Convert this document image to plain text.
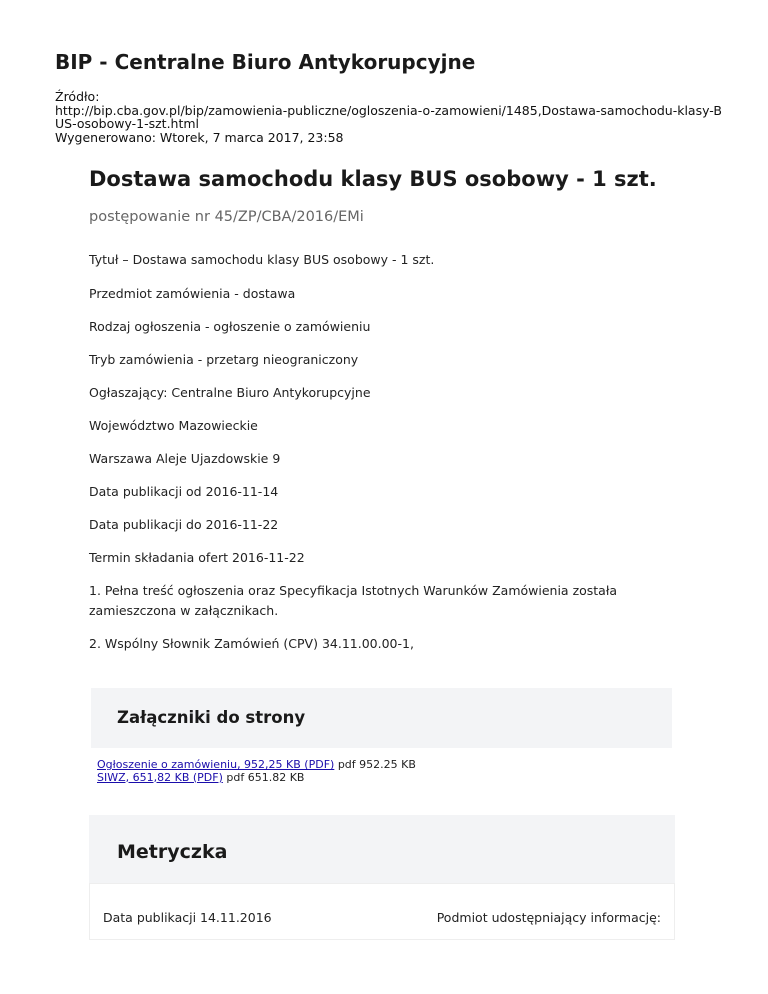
BIP - Centralne Biuro Antykorupcyjne
Źródło:
http://bip.cba.gov.pl/bip/zamowienia-publiczne/ogloszenia-o-zamowieni/1485,Dostawa-samochodu-klasy-BUS-osobowy-1-szt.html
Wygenerowano: Wtorek, 7 marca 2017, 23:58
Dostawa samochodu klasy BUS osobowy - 1 szt.
postępowanie nr 45/ZP/CBA/2016/EMi
Tytuł – Dostawa samochodu klasy BUS osobowy - 1 szt.
Przedmiot zamówienia - dostawa
Rodzaj ogłoszenia - ogłoszenie o zamówieniu
Tryb zamówienia - przetarg nieograniczony
Ogłaszający: Centralne Biuro Antykorupcyjne
Województwo Mazowieckie
Warszawa Aleje Ujazdowskie 9
Data publikacji od 2016-11-14
Data publikacji do 2016-11-22
Termin składania ofert 2016-11-22
1. Pełna treść ogłoszenia oraz Specyfikacja Istotnych Warunków Zamówienia została zamieszczona w załącznikach.
2. Wspólny Słownik Zamówień (CPV) 34.11.00.00-1,
Załączniki do strony
Ogłoszenie o zamówieniu, 952,25 KB (PDF) pdf 952.25 KB
SIWZ, 651,82 KB (PDF) pdf 651.82 KB
Metryczka
Data publikacji 14.11.2016	Podmiot udostępniający informację:
